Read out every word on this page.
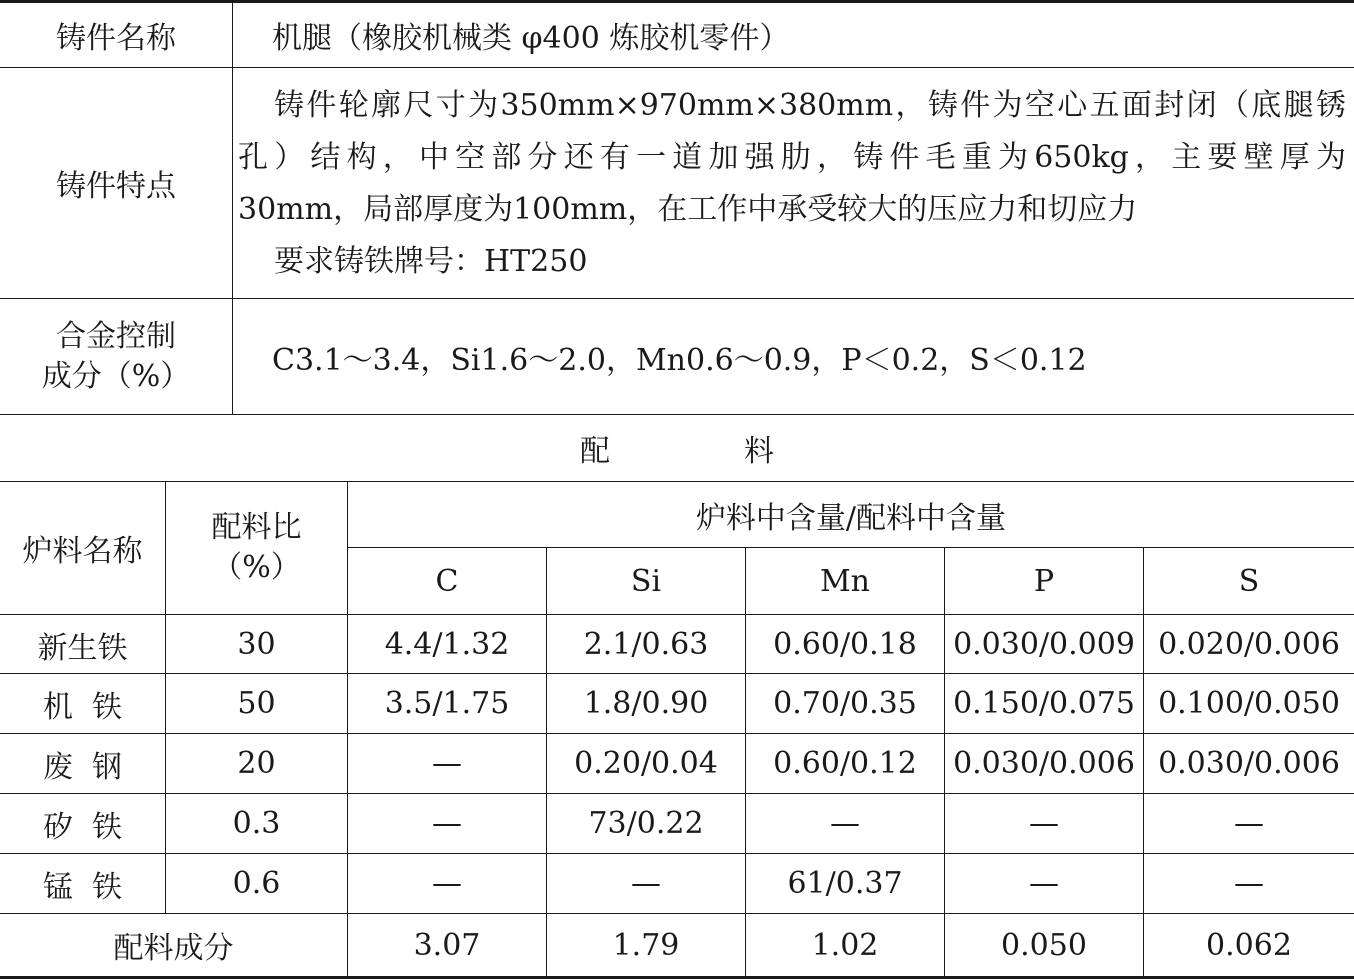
铸件名称	机腿（橡胶机械类 φ400 炼胶机零件）
铸件特点

铸件轮廓尺寸为350mm×970mm×380mm，铸件为空心五面封闭（底腿锈

孔）结构，中空部分还有一道加强肋，铸件毛重为650kg，主要壁厚为

30mm，局部厚度为100mm，在工作中承受较大的压应力和切应力

要求铸铁牌号：HT250

合金控制
成分（%）	C3.1～3.4，Si1.6～2.0，Mn0.6～0.9，P＜0.2，S＜0.12
配	料
炉料名称
配料比
（%）
炉料中含量/配料中含量
C	Si	Mn	P	S
新生铁	30	4.4/1.32	2.1/0.63	0.60/0.18	0.030/0.009 0.020/0.006
机  铁	50	3.5/1.75	1.8/0.90	0.70/0.35	0.150/0.075 0.100/0.050
废  钢	20	—	0.20/0.04	0.60/0.12	0.030/0.006 0.030/0.006
矽  铁	0.3	—	73/0.22	—	—	—
锰  铁	0.6	—	—	61/0.37	—	—
配料成分	3.07	1.79	1.02	0.050	0.062
